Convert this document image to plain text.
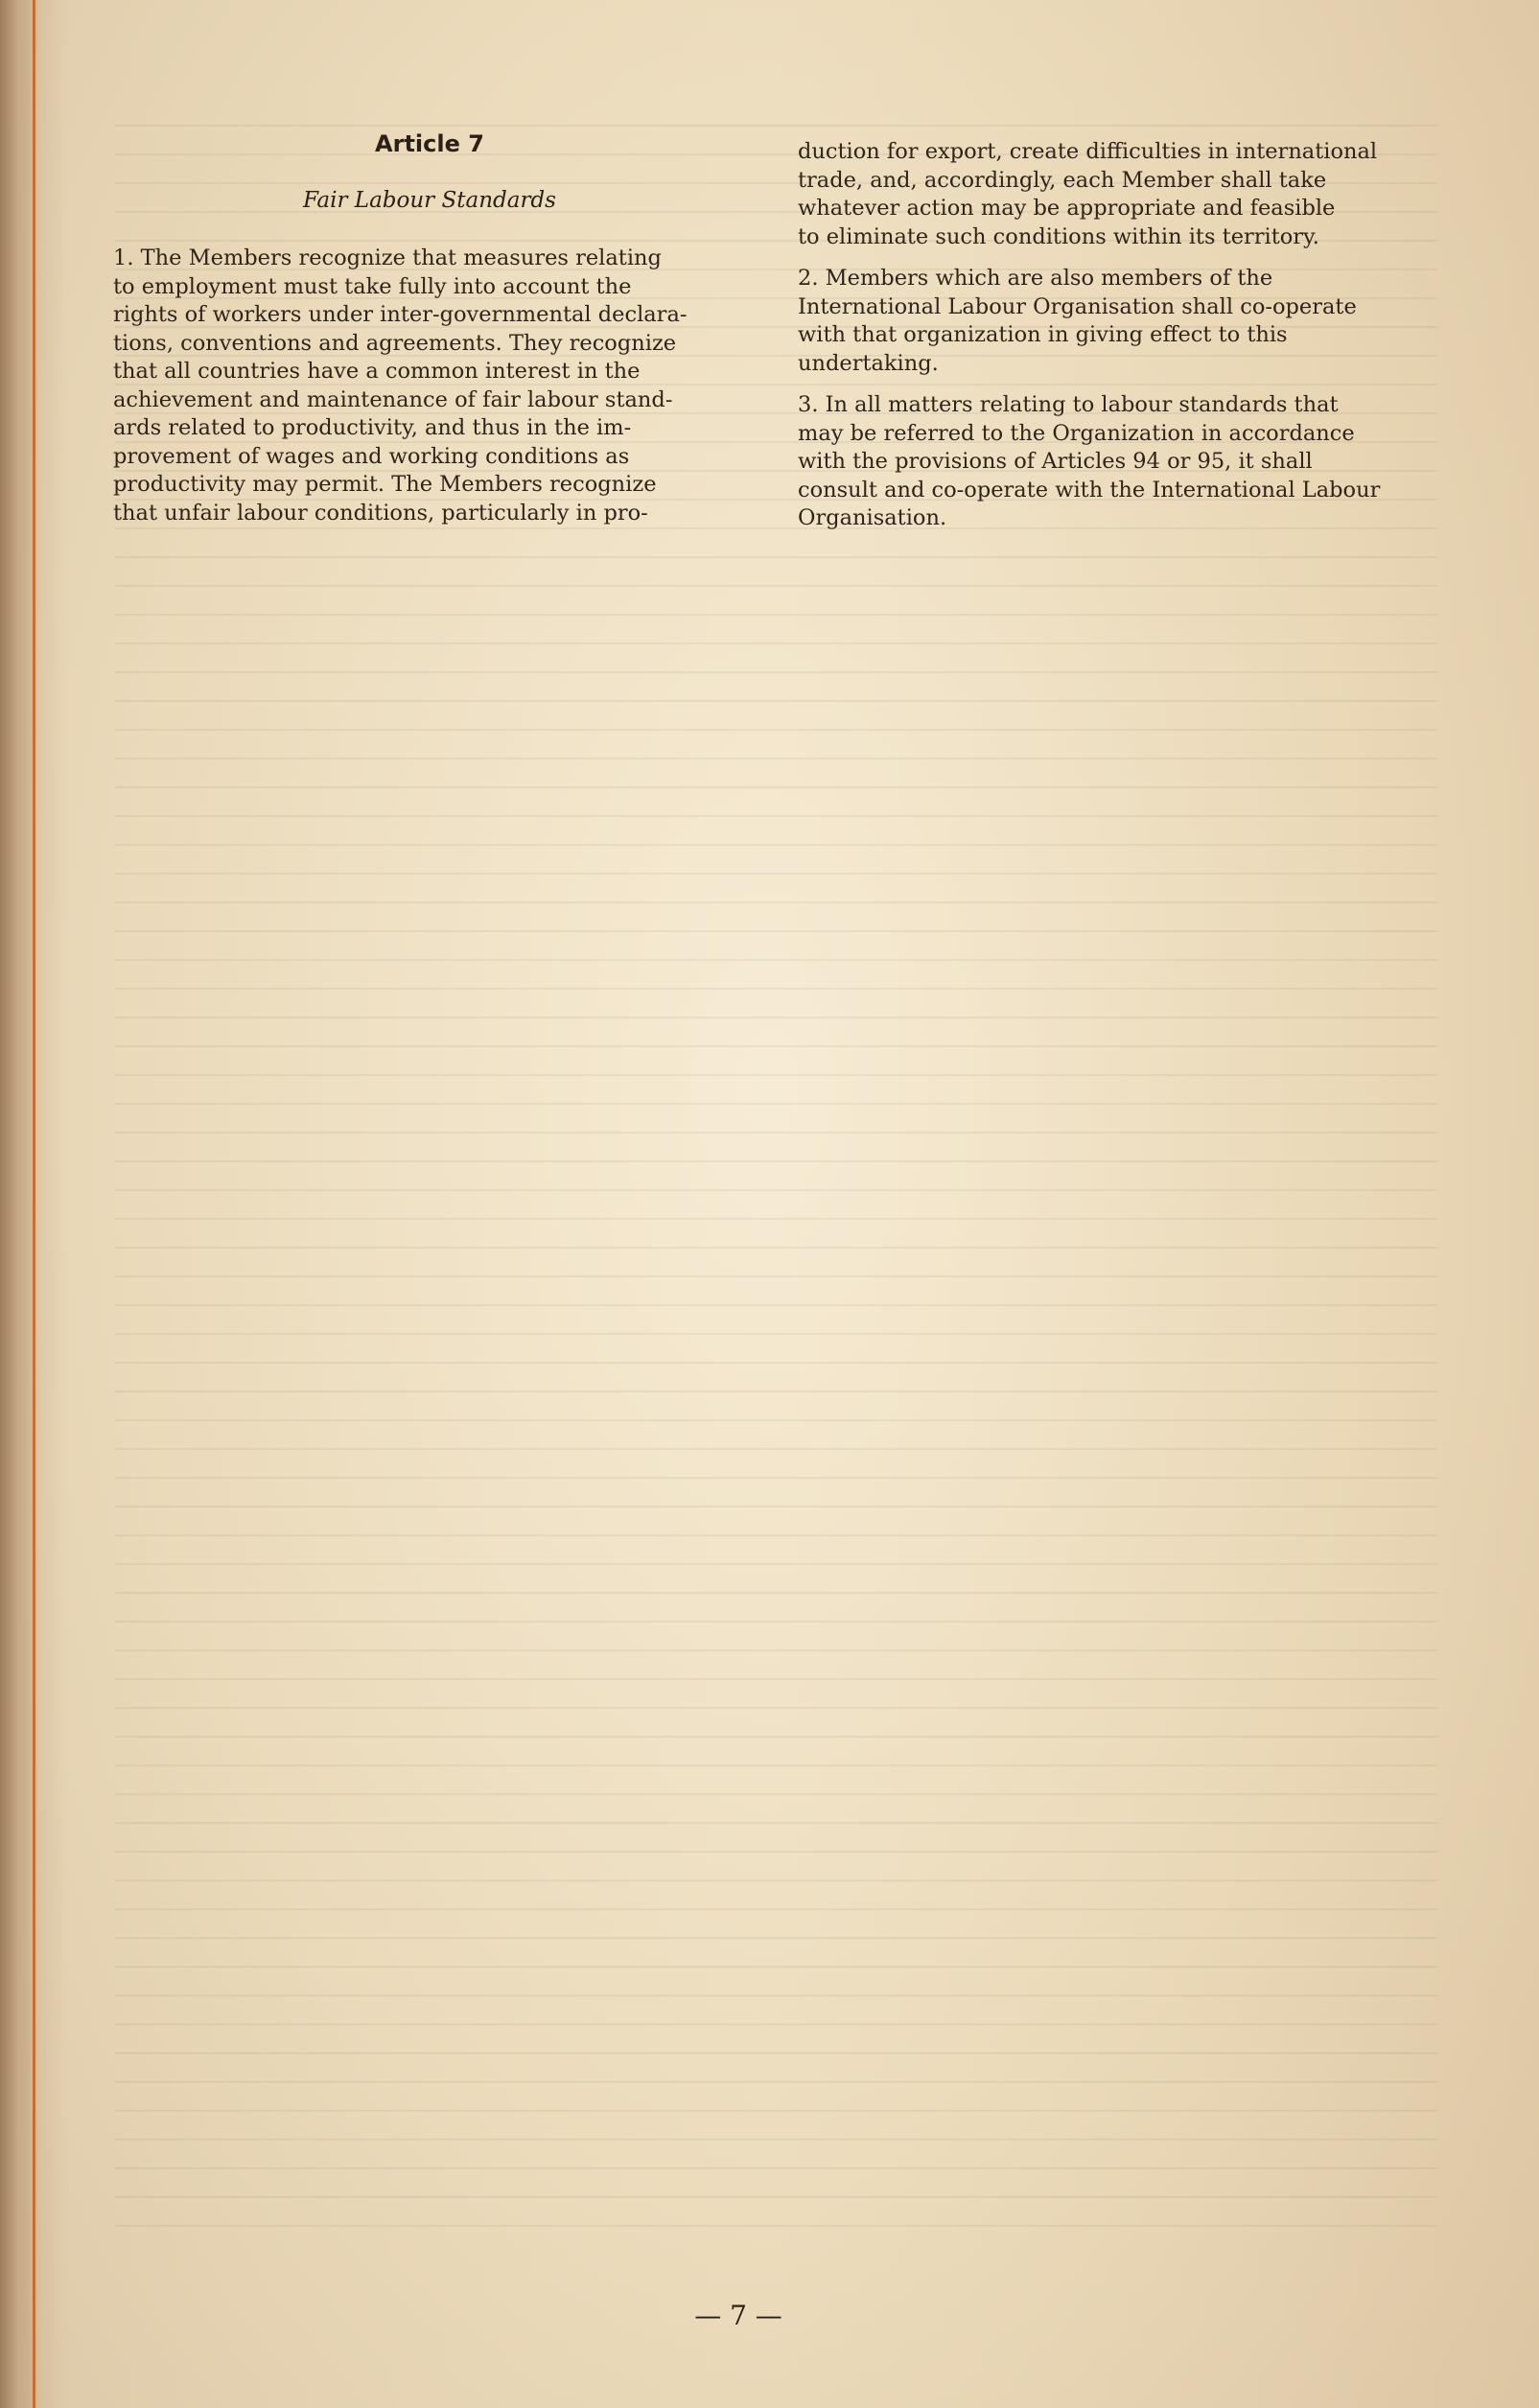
Article 7
Fair Labour Standards

1. The Members recognize that measures relating
to employment must take fully into account the
rights of workers under inter-governmental declara-
tions, conventions and agreements. They recognize
that all countries have a common interest in the
achievement and maintenance of fair labour stand-
ards related to productivity, and thus in the im-
provement of wages and working conditions as
productivity may permit. The Members recognize
that unfair labour conditions, particularly in pro-

duction for export, create difficulties in international
trade, and, accordingly, each Member shall take
whatever action may be appropriate and feasible
to eliminate such conditions within its territory.

2. Members which are also members of the
International Labour Organisation shall co-operate
with that organization in giving effect to this
undertaking.

3. In all matters relating to labour standards that
may be referred to the Organization in accordance
with the provisions of Articles 94 or 95, it shall
consult and co-operate with the International Labour
Organisation.

— 7 —
